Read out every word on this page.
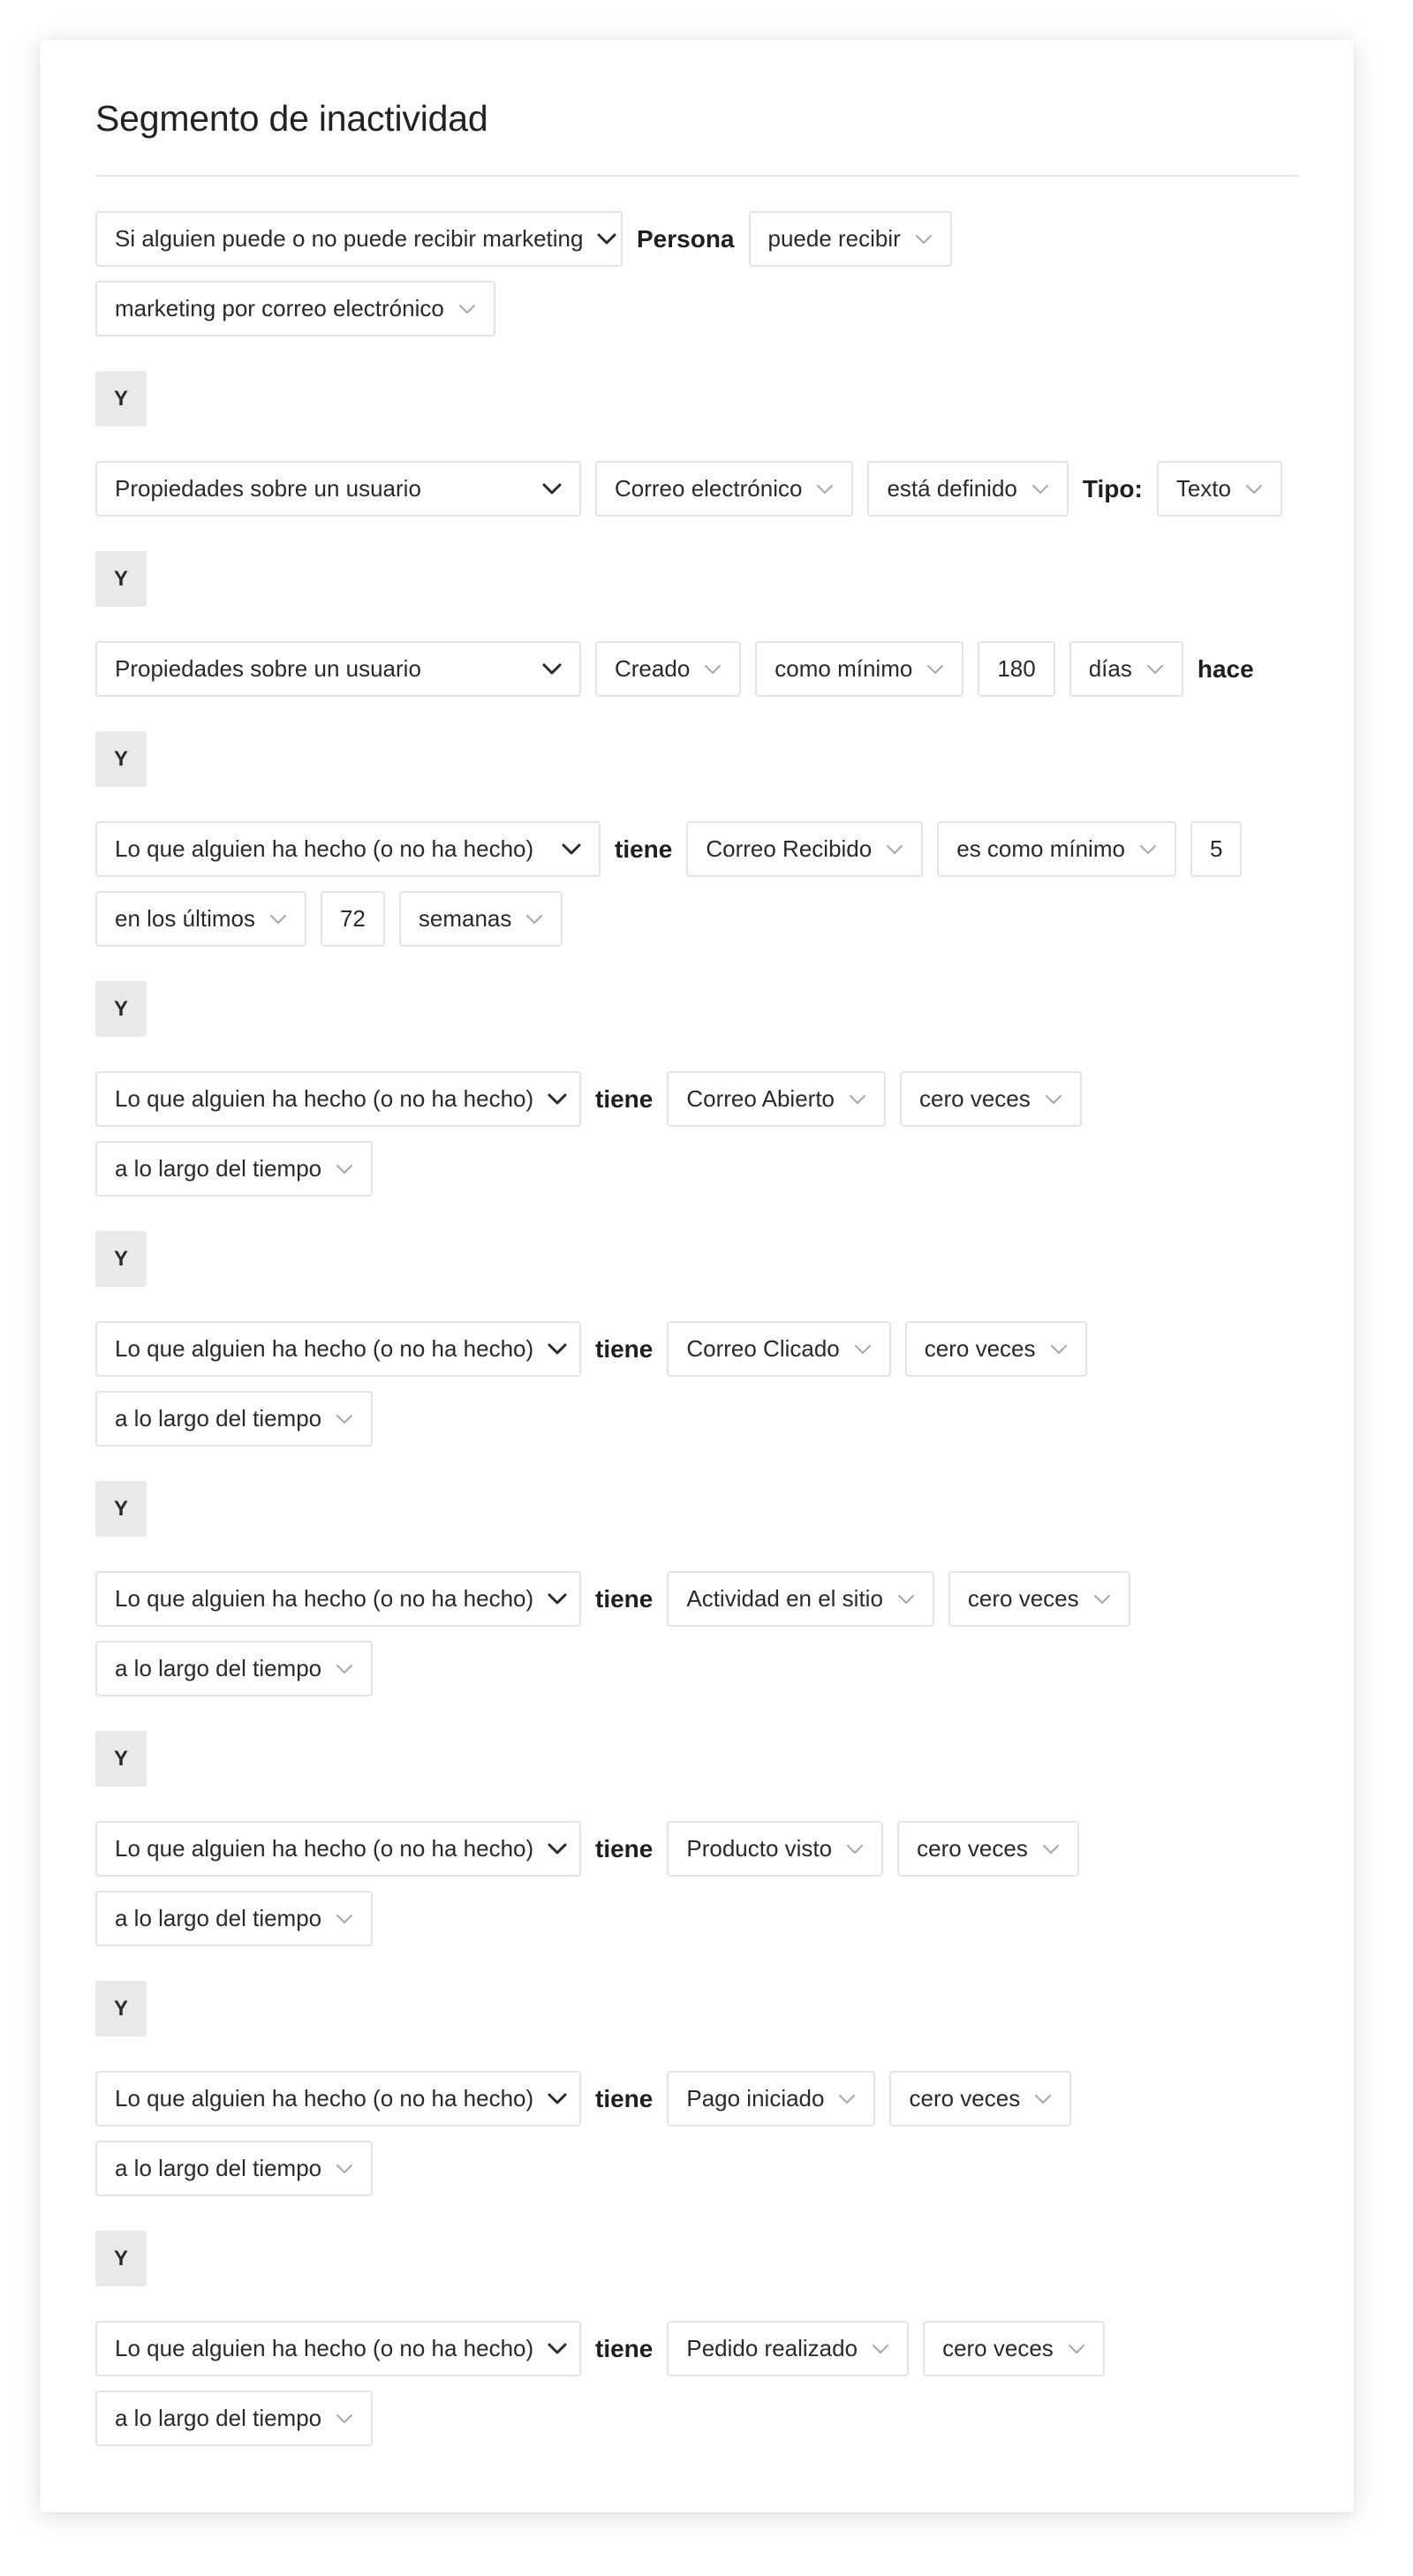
Segmento de inactividad
Si alguien puede o no puede recibir marketing Persona puede recibir
marketing por correo electrónico
Y
Propiedades sobre un usuario	Correo electrónico	está definido	Tipo: Texto
Y
Propiedades sobre un usuario	Creado	como mínimo	180 días	hace
Y
Lo que alguien ha hecho (o no ha hecho)	tiene Correo Recibido	es como mínimo	5
en los últimos	72 semanas
Y
Lo que alguien ha hecho (o no ha hecho) tiene Correo Abierto	cero veces
a lo largo del tiempo
Y
Lo que alguien ha hecho (o no ha hecho) tiene Correo Clicado	cero veces
a lo largo del tiempo
Y
Lo que alguien ha hecho (o no ha hecho) tiene Actividad en el sitio	cero veces
a lo largo del tiempo
Y
Lo que alguien ha hecho (o no ha hecho) tiene Producto visto	cero veces
a lo largo del tiempo
Y
Lo que alguien ha hecho (o no ha hecho) tiene Pago iniciado	cero veces
a lo largo del tiempo
Y
Lo que alguien ha hecho (o no ha hecho) tiene Pedido realizado	cero veces
a lo largo del tiempo
